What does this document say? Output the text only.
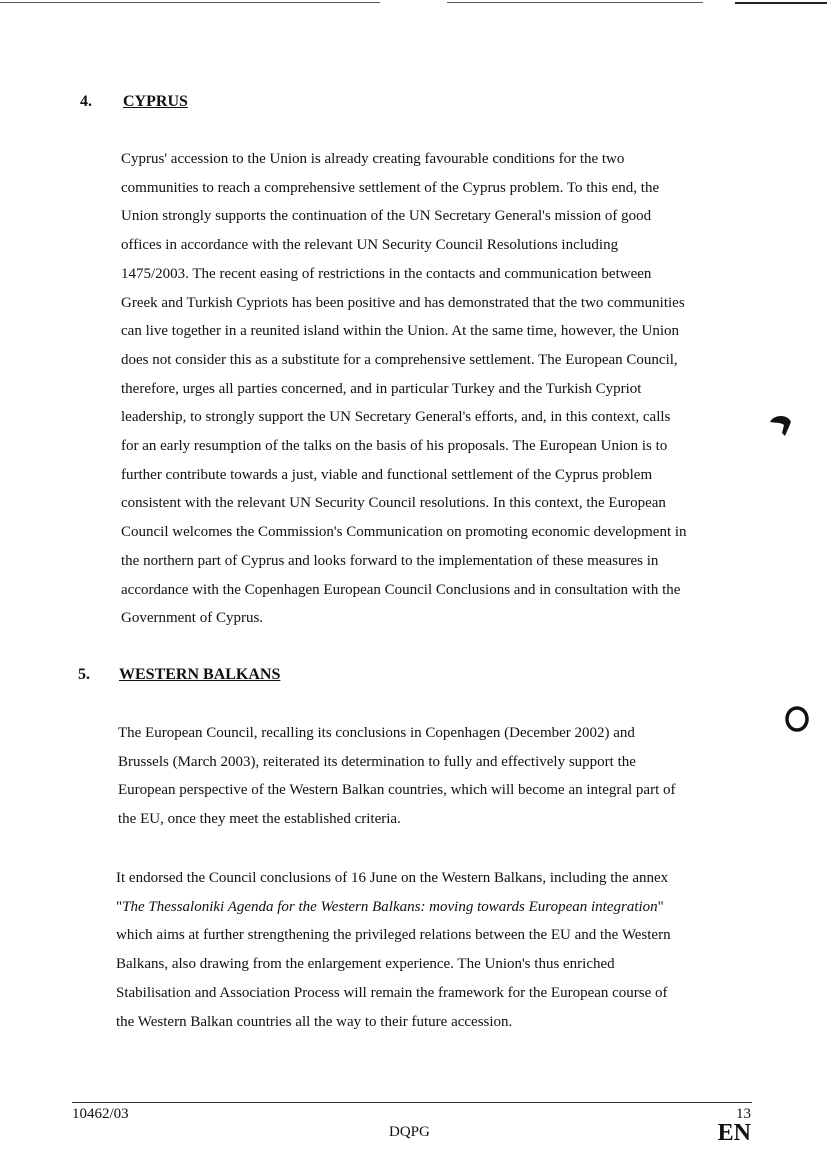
4. CYPRUS
Cyprus' accession to the Union is already creating favourable conditions for the two
communities to reach a comprehensive settlement of the Cyprus problem. To this end, the
Union strongly supports the continuation of the UN Secretary General's mission of good
offices in accordance with the relevant UN Security Council Resolutions including
1475/2003. The recent easing of restrictions in the contacts and communication between
Greek and Turkish Cypriots has been positive and has demonstrated that the two communities
can live together in a reunited island within the Union. At the same time, however, the Union
does not consider this as a substitute for a comprehensive settlement. The European Council,
therefore, urges all parties concerned, and in particular Turkey and the Turkish Cypriot
leadership, to strongly support the UN Secretary General's efforts, and, in this context, calls
for an early resumption of the talks on the basis of his proposals. The European Union is to
further contribute towards a just, viable and functional settlement of the Cyprus problem
consistent with the relevant UN Security Council resolutions. In this context, the European
Council welcomes the Commission's Communication on promoting economic development in
the northern part of Cyprus and looks forward to the implementation of these measures in
accordance with the Copenhagen European Council Conclusions and in consultation with the
Government of Cyprus.
5. WESTERN BALKANS
The European Council, recalling its conclusions in Copenhagen (December 2002) and
Brussels (March 2003), reiterated its determination to fully and effectively support the
European perspective of the Western Balkan countries, which will become an integral part of
the EU, once they meet the established criteria.
It endorsed the Council conclusions of 16 June on the Western Balkans, including the annex
"The Thessaloniki Agenda for the Western Balkans: moving towards European integration"
which aims at further strengthening the privileged relations between the EU and the Western
Balkans, also drawing from the enlargement experience. The Union's thus enriched
Stabilisation and Association Process will remain the framework for the European course of
the Western Balkan countries all the way to their future accession.
10462/03
DQPG
13
EN
